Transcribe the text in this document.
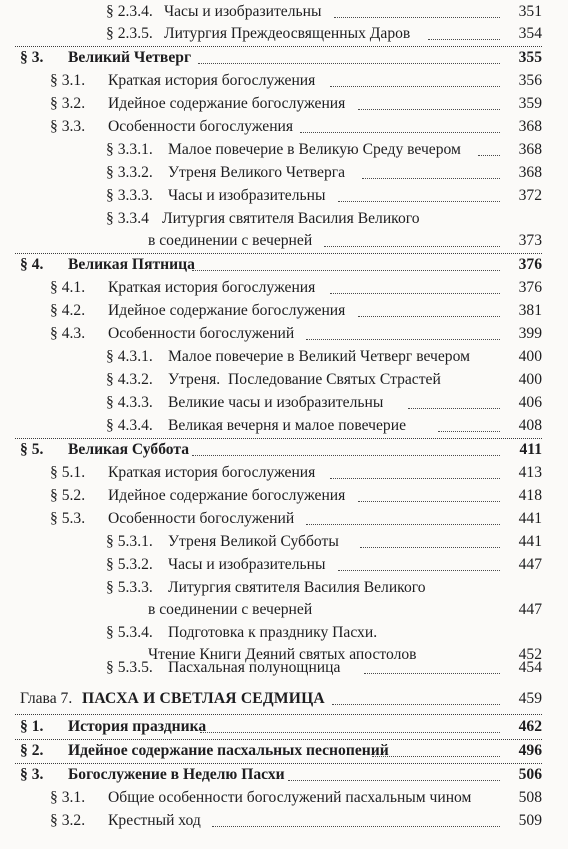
§ 2.3.4. Часы и изобразительны	351
§ 2.3.5. Литургия Преждеосвященных Даров	354
§ 3. Великий Четверг	355
§ 3.1. Краткая история богослужения	356
§ 3.2. Идейное содержание богослужения	359
§ 3.3. Особенности богослужения	368
§ 3.3.1. Малое повечерие в Великую Среду вечером	368
§ 3.3.2. Утреня Великого Четверга	368
§ 3.3.3. Часы и изобразительны	372
§ 3.3.4 Литургия святителя Василия Великого
в соединении с вечерней	373
§ 4. Великая Пятница	376
§ 4.1. Краткая история богослужения	376
§ 4.2. Идейное содержание богослужения	381
§ 4.3. Особенности богослужений	399
§ 4.3.1. Малое повечерие в Великий Четверг вечером	400
§ 4.3.2. Утреня.  Последование Святых Страстей	400
§ 4.3.3. Великие часы и изобразительны	406
§ 4.3.4. Великая вечерня и малое повечерие	408
§ 5. Великая Суббота	411
§ 5.1. Краткая история богослужения	413
§ 5.2. Идейное содержание богослужения	418
§ 5.3. Особенности богослужений	441
§ 5.3.1. Утреня Великой Субботы	441
§ 5.3.2. Часы и изобразительны	447
§ 5.3.3. Литургия святителя Василия Великого
в соединении с вечерней	447
§ 5.3.4. Подготовка к празднику Пасхи.
Чтение Книги Деяний святых апостолов	452
§ 5.3.5. Пасхальная полунощница	454
Глава 7. ПАСХА И СВЕТЛАЯ СЕДМИЦА	459
§ 1. История праздника	462
§ 2. Идейное содержание пасхальных песнопений	496
§ 3. Богослужение в Неделю Пасхи	506
§ 3.1. Общие особенности богослужений пасхальным чином	508
§ 3.2. Крестный ход	509
